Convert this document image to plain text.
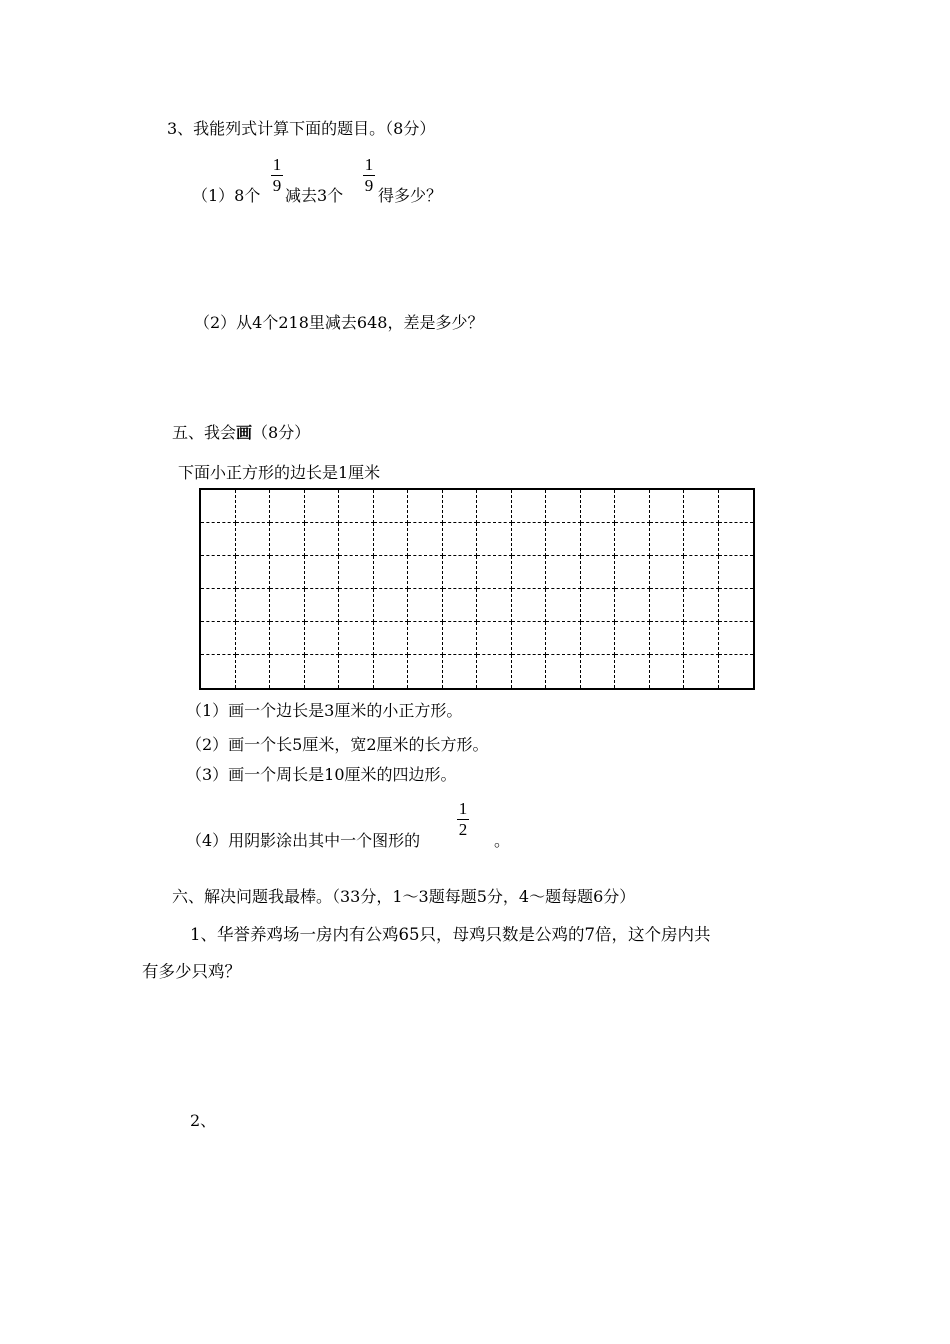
3、我能列式计算下面的题目。（8分）
（1）8个
1
9
减去3个
1
9
得多少？
（2）从4个218里减去648，差是多少？
五、我会画（8分）
下面小正方形的边长是1厘米
（1）画一个边长是3厘米的小正方形。
（2）画一个长5厘米，宽2厘米的长方形。
（3）画一个周长是10厘米的四边形。
（4）用阴影涂出其中一个图形的
1
2
。
六、解决问题我最棒。（33分，1～3题每题5分，4～题每题6分）
1、华誉养鸡场一房内有公鸡65只，母鸡只数是公鸡的7倍，这个房内共
有多少只鸡？
2、
